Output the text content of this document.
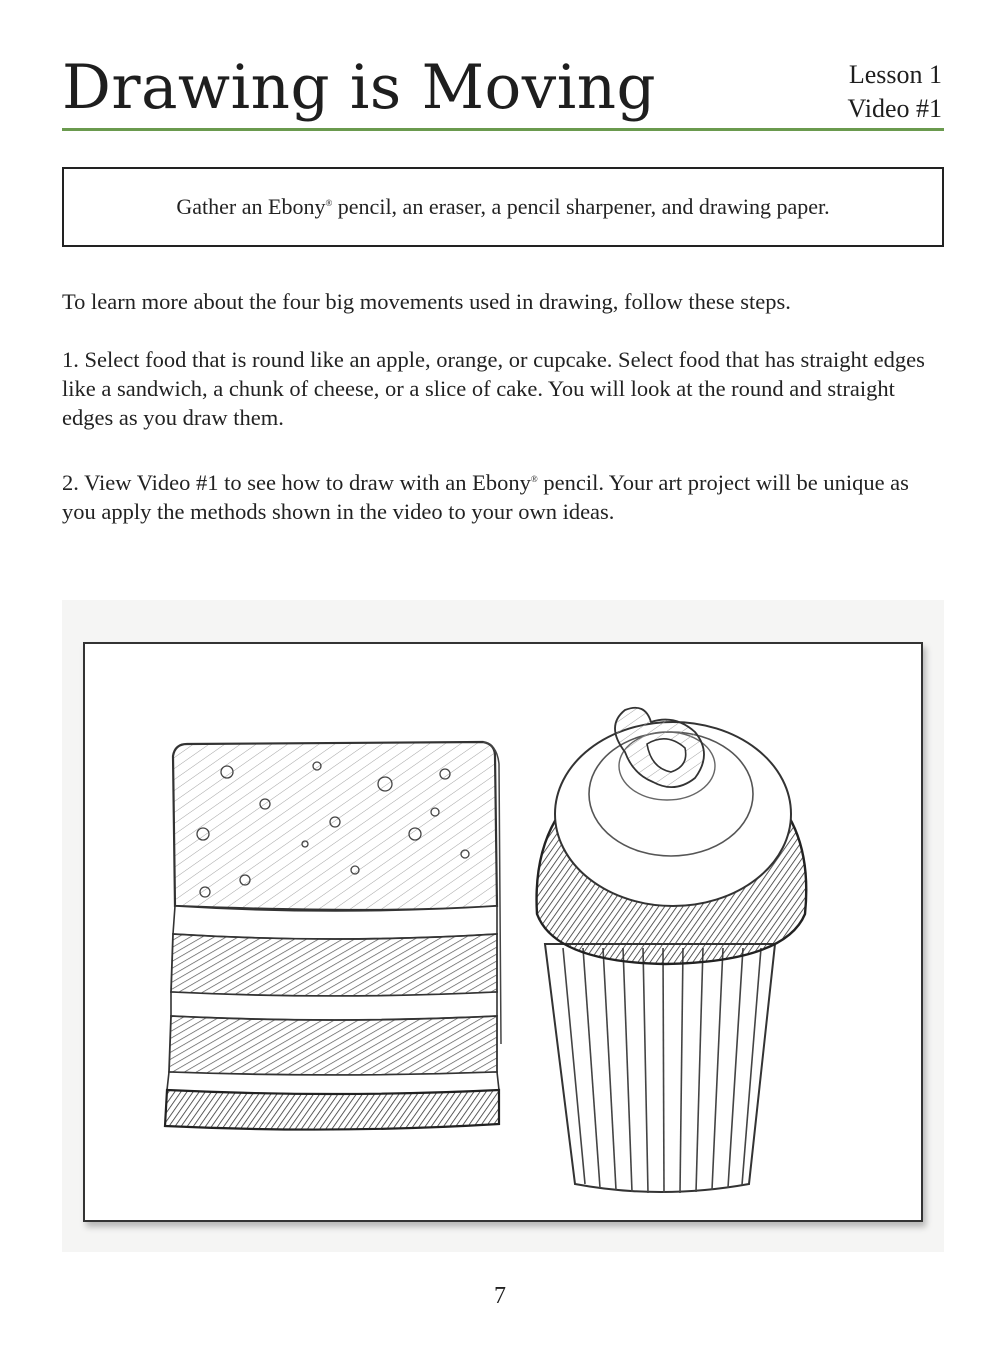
Drawing is Moving	Lesson 1
Video #1
Gather an Ebony® pencil, an eraser, a pencil sharpener, and drawing paper.
To learn more about the four big movements used in drawing, follow these steps.
1. Select food that is round like an apple, orange, or cupcake. Select food that has straight edges like a sandwich, a chunk of cheese, or a slice of cake. You will look at the round and straight edges as you draw them.
2. View Video #1 to see how to draw with an Ebony® pencil. Your art project will be unique as you apply the methods shown in the video to your own ideas.
7
